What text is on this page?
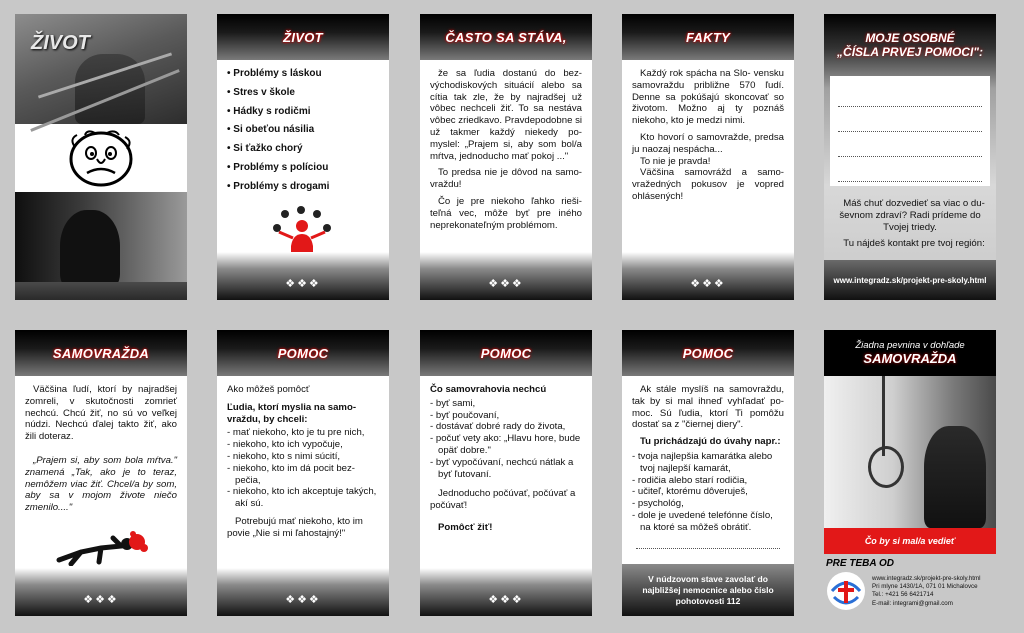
ŽIVOT	ŽIVOT
• Problémy s láskou
• Stres v škole
• Hádky s rodičmi
• Si obeťou násilia
• Si ťažko chorý
• Problémy s políciou
• Problémy s drogami
❖❖❖
ČASTO SA STÁVA,

že sa ľudia dostanú do bez- východiskových situácií alebo sa cítia tak zle, že by najradšej už vôbec nechceli žiť. To sa nestáva vôbec zriedkavo. Pravdepodobne si už takmer každý niekedy po- myslel: „Prajem si, aby som bol/a mŕtva, jednoducho mať pokoj ..."

To predsa nie je dôvod na samo- vraždu!

Čo je pre niekoho ľahko rieši- teľná vec, môže byť pre iného neprekonateľným problémom.

❖❖❖
FAKTY

Každý rok spácha na Slo- vensku samovraždu približne 570 ľudí. Denne sa pokúšajú skoncovať so životom. Možno aj ty poznáš niekoho, kto je medzi nimi.

Kto hovorí o samovražde, predsa ju naozaj nespácha...

To nie je pravda!

Väčšina samovrážd a samo- vražedných pokusov je vopred ohlásených!

❖❖❖
MOJE OSOBNÉ
„ČÍSLA PRVEJ POMOCI":

Máš chuť dozvedieť sa viac o du- ševnom zdraví? Radi prídeme do Tvojej triedy.

Tu nájdeš kontakt pre tvoj región:

www.integradz.sk/projekt-pre-skoly.html
SAMOVRAŽDA

Väčšina ľudí, ktorí by najradšej zomreli, v skutočnosti zomrieť nechcú. Chcú žiť, no sú vo veľkej núdzi. Nechcú ďalej takto žiť, ako žili doteraz.

„Prajem si, aby som bola mŕtva." znamená „Tak, ako je to teraz, nemôžem viac žiť. Chcel/a by som, aby sa v mojom živote niečo zmenilo...."

❖❖❖
POMOC

Ako môžeš pomôcť

Ľudia, ktorí myslia na samo- vraždu, by chceli:

- mať niekoho, kto je tu pre nich,
- niekoho, kto ich vypočuje,
- niekoho, kto s nimi súcití,
- niekoho, kto im dá pocit bez- pečia,
- niekoho, kto ich akceptuje takých, akí sú.

Potrebujú mať niekoho, kto im povie „Nie si mi ľahostajný!"

❖❖❖
POMOC

Čo samovrahovia nechcú

- byť sami,
- byť poučovaní,
- dostávať dobré rady do života,
- počuť vety ako: „Hlavu hore, bude opäť dobre."
- byť vypočúvaní, nechcú nátlak a byť ľutovaní.

Jednoducho počúvať, počúvať a počúvať!

Pomôcť žiť!

❖❖❖
POMOC

Ak stále myslíš na samovraždu, tak by si mal ihneď vyhľadať po- moc. Sú ľudia, ktorí Ti pomôžu dostať sa z "čiernej diery".

Tu prichádzajú do úvahy napr.:

- tvoja najlepšia kamarátka alebo tvoj najlepší kamarát,
- rodičia alebo starí rodičia,
- učiteľ, ktorému dôveruješ,
- psychológ,
- dole je uvedené telefónne číslo, na ktoré sa môžeš obrátiť.
V núdzovom stave zavolať do najbližšej nemocnice alebo číslo pohotovosti 112
Žiadna pevnina v dohľade
SAMOVRAŽDA
Čo by si mal/a vedieť
PRE TEBA OD
www.integradz.sk/projekt-pre-skoly.html
Pri mlyne 1430/1A, 071 01 Michalovce
Tel.: +421 56 6421714
E-mail: integrami@gmail.com
